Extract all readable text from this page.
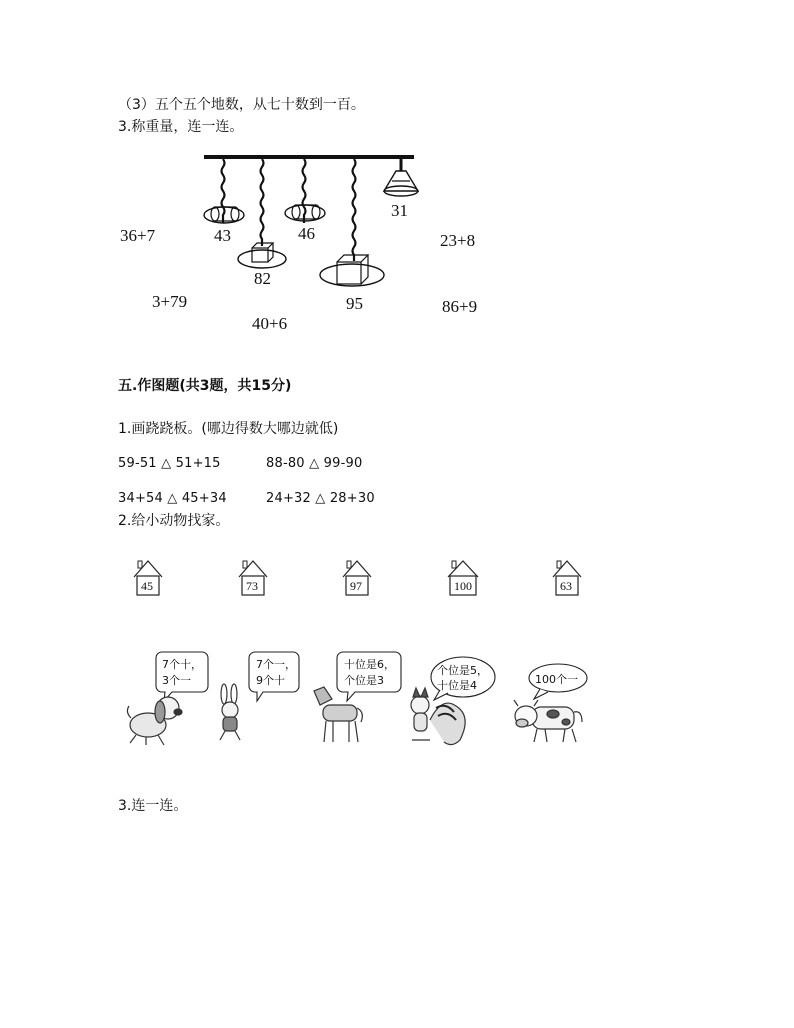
（3）五个五个地数，从七十数到一百。
3.称重量，连一连。
31
43	46
82
95
36+7	23+8
3+79	86+9
40+6
五.作图题(共3题，共15分)
1.画跷跷板。(哪边得数大哪边就低)
59-51 △ 51+15	88-80 △ 99-90
34+54 △ 45+34	24+32 △ 28+30
2.给小动物找家。
45	73	97	100	63
7个十，
3个一
7个一，
9个十
十位是6，
个位是3
个位是5，
十位是4	100个一
3.连一连。
